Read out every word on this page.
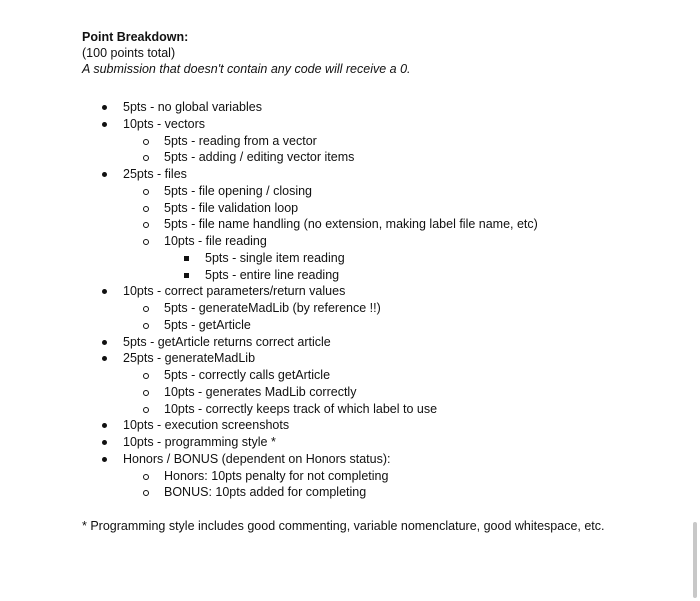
Point Breakdown:
(100 points total)
A submission that doesn't contain any code will receive a 0.
5pts - no global variables
10pts - vectors
5pts - reading from a vector
5pts - adding / editing vector items
25pts - files
5pts - file opening / closing
5pts - file validation loop
5pts - file name handling (no extension, making label file name, etc)
10pts - file reading
5pts - single item reading
5pts - entire line reading
10pts - correct parameters/return values
5pts - generateMadLib (by reference !!)
5pts - getArticle
5pts - getArticle returns correct article
25pts - generateMadLib
5pts - correctly calls getArticle
10pts - generates MadLib correctly
10pts - correctly keeps track of which label to use
10pts - execution screenshots
10pts - programming style *
Honors / BONUS (dependent on Honors status):
Honors: 10pts penalty for not completing
BONUS: 10pts added for completing
* Programming style includes good commenting, variable nomenclature, good whitespace, etc.
